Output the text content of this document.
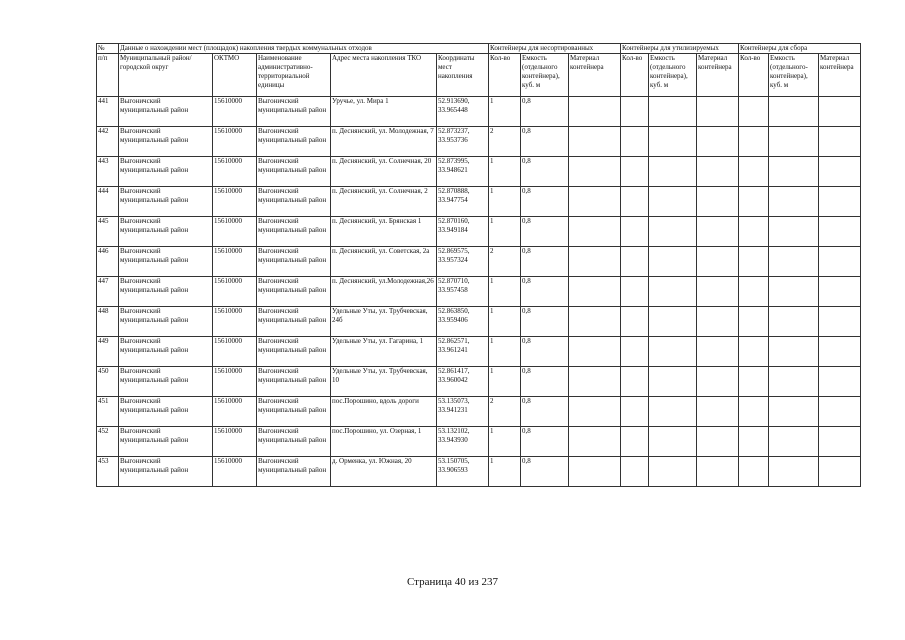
№	Данные о нахождении мест (площадок) накопления твердых коммунальных отходов					Контейнеры для несортированных			Контейнеры для утилизируемых			Контейнеры для сбора		
п/п	Муниципальный район/городской округ	ОКТМО	Наименование административно-территориальной единицы	Адрес места накопления ТКО	Координаты мест накопления	Кол-во	Емкость (отдельного контейнера), куб. м	Материал контейнера	Кол-во	Емкость (отдельного контейнера), куб. м	Материал контейнера	Кол-во	Емкость (отдельного-контейнера), куб. м	Материал контейнера
441	Выгоничский муниципальный район	15610000	Выгоничский муниципальный район	Уручье, ул. Мира 1	52.913690, 33.965448	1	0,8							
442	Выгоничский муниципальный район	15610000	Выгоничский муниципальный район	п. Деснянский, ул. Молодежная, 7	52.873237, 33.953736	2	0,8							
443	Выгоничский муниципальный район	15610000	Выгоничский муниципальный район	п. Деснянский, ул. Солнечная, 20	52.873995, 33.948621	1	0,8							
444	Выгоничский муниципальный район	15610000	Выгоничский муниципальный район	п. Деснянский, ул. Солнечная, 2	52.870888, 33.947754	1	0,8							
445	Выгоничский муниципальный район	15610000	Выгоничский муниципальный район	п. Деснянский, ул. Брянская 1	52.870160, 33.949184	1	0,8							
446	Выгоничский муниципальный район	15610000	Выгоничский муниципальный район	п. Деснянский, ул. Советская, 2а	52.869575, 33.957324	2	0,8							
447	Выгоничский муниципальный район	15610000	Выгоничский муниципальный район	п. Деснянский, ул.Молодежная,26	52.870710, 33.957458	1	0,8							
448	Выгоничский муниципальный район	15610000	Выгоничский муниципальный район	Удельные Уты, ул. Трубчевская, 24б	52.863850, 33.959406	1	0,8							
449	Выгоничский муниципальный район	15610000	Выгоничский муниципальный район	Удельные Уты, ул. Гагарина, 1	52.862571, 33.961241	1	0,8							
450	Выгоничский муниципальный район	15610000	Выгоничский муниципальный район	Удельные Уты, ул. Трубчевская, 10	52.861417, 33.960042	1	0,8							
451	Выгоничский муниципальный район	15610000	Выгоничский муниципальный район	пос.Порошино, вдоль дороги	53.135073, 33.941231	2	0,8							
452	Выгоничский муниципальный район	15610000	Выгоничский муниципальный район	пос.Порошино, ул. Озерная, 1	53.132102, 33.943930	1	0,8							
453	Выгоничский муниципальный район	15610000	Выгоничский муниципальный район	д. Орменка, ул. Южная, 20	53.150705, 33.906593	1	0,8							
Страница 40 из 237
